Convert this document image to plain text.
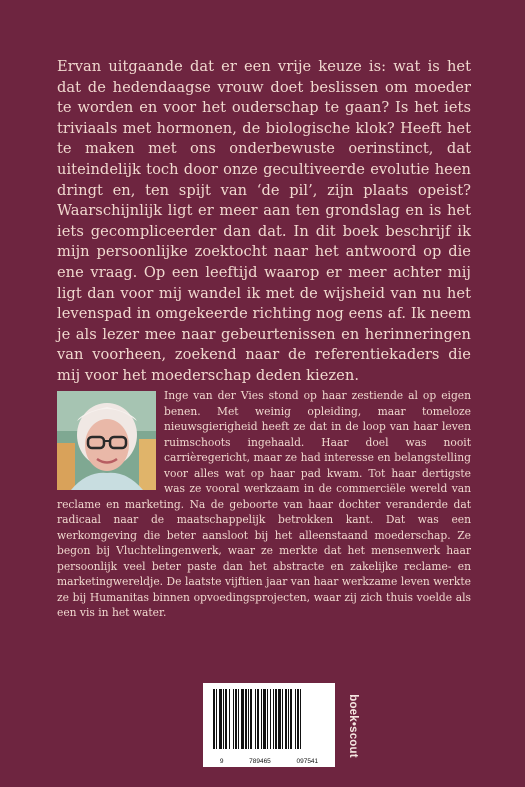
Ervan uitgaande dat er een vrije keuze is: wat is het dat de hedendaagse vrouw doet beslissen om moeder te worden en voor het ouderschap te gaan? Is het iets triviaals met hormonen, de biologische klok? Heeft het te maken met ons onderbewuste oerinstinct, dat uiteindelijk toch door onze gecultiveerde evolutie heen dringt en, ten spijt van ‘de pil’, zijn plaats opeist? Waarschijnlijk ligt er meer aan ten grondslag en is het iets gecompliceerder dan dat. In dit boek beschrijf ik mijn persoonlijke zoektocht naar het antwoord op die ene vraag. Op een leeftijd waarop er meer achter mij ligt dan voor mij wandel ik met de wijsheid van nu het levenspad in omgekeerde richting nog eens af. Ik neem je als lezer mee naar gebeurtenissen en herinneringen van voorheen, zoekend naar de referentiekaders die mij voor het moederschap deden kiezen.

Inge van der Vies stond op haar zestiende al op eigen benen. Met weinig opleiding, maar tomeloze nieuwsgierigheid heeft ze dat in de loop van haar leven ruimschoots ingehaald. Haar doel was nooit carrièregericht, maar ze had interesse en belangstelling voor alles wat op haar pad kwam. Tot haar dertigste was ze vooral werkzaam in de commerciële wereld van reclame en marketing. Na de geboorte van haar dochter veranderde dat radicaal naar de maatschappelijk betrokken kant. Dat was een werkomgeving die beter aansloot bij het alleenstaand moederschap. Ze begon bij Vluchtelingenwerk, waar ze merkte dat het mensenwerk haar persoonlijk veel beter paste dan het abstracte en zakelijke reclame- en marketingwereldje. De laatste vijftien jaar van haar werkzame leven werkte ze bij Humanitas binnen opvoedingsprojecten, waar zij zich thuis voelde als een vis in het water.

9	789465	097541
boek•scout
